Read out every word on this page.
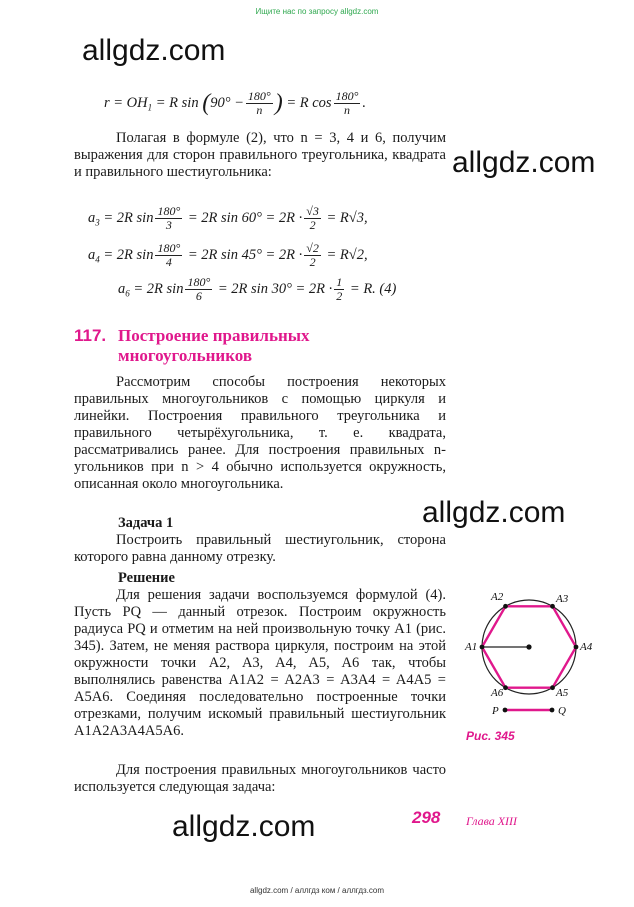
Ищите нас по запросу allgdz.com
allgdz.com
allgdz.com
allgdz.com
allgdz.com
$r = OH_1 = R$ $\sin (90^\circ - \frac{180^\circ}{n}$ ) = R $\cos \frac{180^\circ}{n}$ .
Полагая в формуле (2), что n = 3, 4 и 6, получим выражения для сторон правильного треугольника, квадрата и правильного шестиугольника:
$a_3 = 2R$ $\sin \frac{180^\circ}{3} = 2R$ $\sin 60^\circ = 2R \cdot \frac{√3}{2} = R√3$,
$a_4 = 2R$ $\sin \frac{180^\circ}{4} = 2R$ $\sin 45^\circ = 2R \cdot \frac{√2}{2} = R√2$,
$a_6 = 2R$ $\sin \frac{180^\circ}{6} = 2R$ $\sin 30^\circ = 2R \cdot \frac{1}{2} = R$. (4)
117. Построение правильных
многоугольников
Рассмотрим способы построения некоторых правильных многоугольников с помощью циркуля и линейки. Построения правильного треугольника и правильного четырёхугольника, т. е. квадрата, рассматривались ранее. Для построения правильных n-угольников при n > 4 обычно используется окружность, описанная около многоугольника.
Задача 1
Построить правильный шестиугольник, сторона которого равна данному отрезку.
Решение
Для решения задачи воспользуемся формулой (4). Пусть PQ — данный отрезок. Построим окружность радиуса PQ и отметим на ней произвольную точку A1 (рис. 345). Затем, не меняя раствора циркуля, построим на этой окружности точки A2, A3, A4, A5, A6 так, чтобы выполнялись равенства A1A2 = A2A3 = A3A4 = A4A5 = A5A6. Соединяя последовательно построенные точки отрезками, получим искомый правильный шестиугольник A1A2A3A4A5A6.
Для построения правильных многоугольников часто используется следующая задача:
A1
A2	A3
A4
A5
A6
P	Q
Рис. 345
298 Глава XIII
allgdz.com / аллгдз ком / аллгдз.com
